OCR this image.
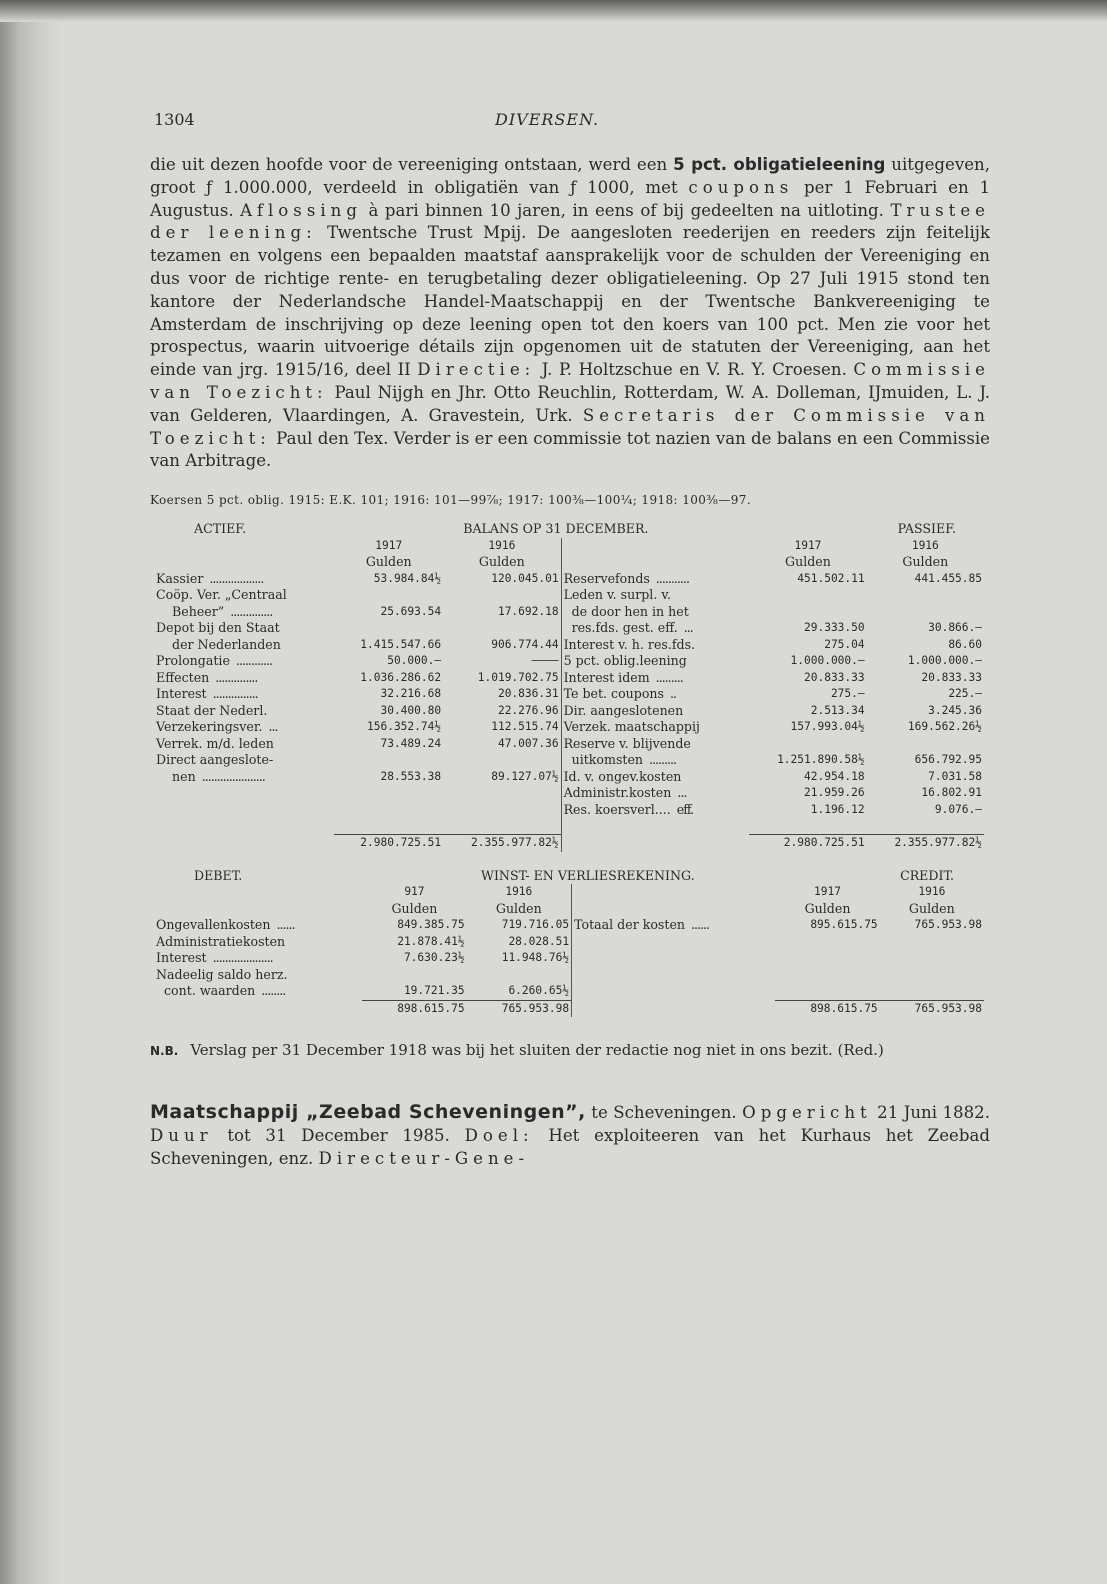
1304	DIVERSEN.

die uit dezen hoofde voor de vereeniging ontstaan, werd een 5 pct. obligatieleening uitgegeven, groot ƒ 1.000.000, verdeeld in obligatiën van ƒ 1000, met coupons per 1 Februari en 1 Augustus. Aflossing à pari binnen 10 jaren, in eens of bij gedeelten na uitloting. Trustee der leening: Twentsche Trust Mpij. De aangesloten reederijen en reeders zijn feitelijk tezamen en volgens een bepaalden maatstaf aansprakelijk voor de schulden der Vereeniging en dus voor de richtige rente- en terugbetaling dezer obligatieleening. Op 27 Juli 1915 stond ten kantore der Nederlandsche Handel-Maatschappij en der Twentsche Bankvereeniging te Amsterdam de inschrijving op deze leening open tot den koers van 100 pct. Men zie voor het prospectus, waarin uitvoerige détails zijn opgenomen uit de statuten der Vereeniging, aan het einde van jrg. 1915/16, deel II Directie: J. P. Holtzschue en V. R. Y. Croesen. Commissie van Toezicht: Paul Nijgh en Jhr. Otto Reuchlin, Rotterdam, W. A. Dolleman, IJmuiden, L. J. van Gelderen, Vlaardingen, A. Gravestein, Urk. Secretaris der Commissie van Toezicht: Paul den Tex. Verder is er een commissie tot nazien van de balans en een Commissie van Arbitrage.

Koersen 5 pct. oblig. 1915: E.K. 101; 1916: 101—99⅞; 1917: 100⅜—100¼; 1918: 100⅜—97.

ACTIEF.	BALANS OP 31 DECEMBER.			PASSIEF.	
	1917	1916		1917	1916
	Gulden	Gulden		Gulden	Gulden
Kassier ..................	53.984.84½	120.045.01	Reservefonds ...........	451.502.11	441.455.85
Coöp. Ver. „Centraal			Leden v. surpl. v.		
Beheer” ..............	25.693.54	17.692.18	de door hen in het		
Depot bij den Staat			res.fds. gest. eff. ...	29.333.50	30.866.—
der Nederlanden	1.415.547.66	906.774.44	Interest v. h. res.fds.	275.04	86.60
Prolongatie ............	50.000.—	————	5 pct. oblig.leening	1.000.000.—	1.000.000.—
Effecten ..............	1.036.286.62	1.019.702.75	Interest idem .........	20.833.33	20.833.33
Interest ...............	32.216.68	20.836.31	Te bet. coupons ..	275.—	225.—
Staat der Nederl.	30.400.80	22.276.96	Dir. aangeslotenen	2.513.34	3.245.36
Verzekeringsver. ...	156.352.74½	112.515.74	Verzek. maatschappij	157.993.04½	169.562.26½
Verrek. m/d. leden	73.489.24	47.007.36	Reserve v. blijvende		
Direct aangeslote-			uitkomsten .........	1.251.890.58½	656.792.95
nen .....................	28.553.38	89.127.07½	Id. v. ongev.kosten	42.954.18	7.031.58
			Administr.kosten ...	21.959.26	16.802.91
			Res. koersverl.... eff.	1.196.12	9.076.—

	2.980.725.51	2.355.977.82½		2.980.725.51	2.355.977.82½
DEBET.	WINST- EN VERLIESREKENING.			CREDIT.	
	917	1916		1917	1916
	Gulden	Gulden		Gulden	Gulden
Ongevallenkosten ......	849.385.75	719.716.05	Totaal der kosten ......	895.615.75	765.953.98
Administratiekosten	21.878.41½	28.028.51			
Interest ....................	7.630.23½	11.948.76½			
Nadeelig saldo herz.					
cont. waarden ........	19.721.35	6.260.65½			
	898.615.75	765.953.98		898.615.75	765.953.98

N.B. Verslag per 31 December 1918 was bij het sluiten der redactie nog niet in ons bezit. (Red.)

Maatschappij „Zeebad Scheveningen”, te Scheveningen. Opgericht 21 Juni 1882. Duur tot 31 December 1985. Doel: Het exploiteeren van het Kurhaus het Zeebad Scheveningen, enz. Directeur-Gene-
